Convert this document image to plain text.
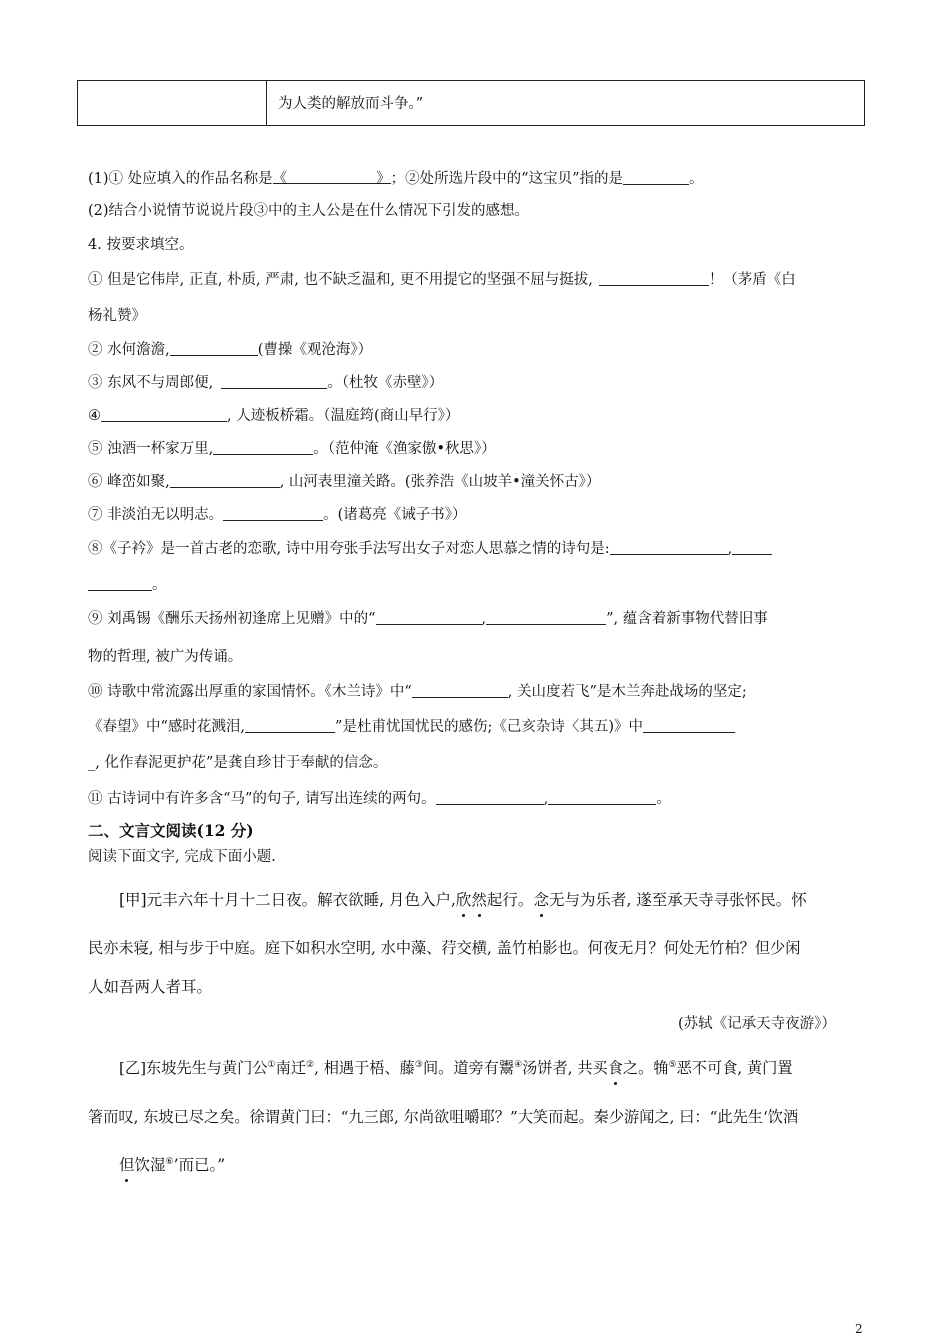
为人类的解放而斗争。”
(1)① 处应填入的作品名称是《	》 ；②处所选片段中的“这宝贝”指的是	。
(2)结合小说情节说说片段③中的主人公是在什么情况下引发的感想。
4. 按要求填空。
① 但是它伟岸, 正直, 朴质, 严肃, 也不缺乏温和, 更不用提它的坚强不屈与挺拔,	！（茅盾《白
杨礼赞》
② 水何澹澹,	(曹操《观沧海》）
③ 东风不与周郎便,	。（杜牧《赤壁》）
④	, 人迹板桥霜。（温庭筠(商山早行》）
⑤ 浊酒一杯家万里,	。（范仲淹《渔家傲•秋思》）
⑥ 峰峦如聚,	, 山河表里潼关路。(张养浩《山坡羊•潼关怀古》）
⑦ 非淡泊无以明志。	。(诸葛亮《诫子书》）
⑧《子衿》是一首古老的恋歌, 诗中用夸张手法写出女子对恋人思慕之情的诗句是:	,
。
⑨ 刘禹锡《酬乐天扬州初逢席上见赠》中的“	,	”, 蕴含着新事物代替旧事
物的哲理, 被广为传诵。
⑩ 诗歌中常流露出厚重的家国情怀。《木兰诗》中“	, 关山度若飞”是木兰奔赴战场的坚定;
《春望》中“感时花溅泪,	”是杜甫忧国忧民的感伤;《己亥杂诗〈其五)》中
_, 化作春泥更护花”是龚自珍甘于奉献的信念。
⑪ 古诗词中有许多含“马”的句子, 请写出连续的两句。	,	。
二、文言文阅读(12 分)
阅读下面文字, 完成下面小题.
[甲]元丰六年十月十二日夜。解衣欲睡, 月色入户,欣然起行。念无与为乐者, 遂至承天寺寻张怀民。怀
民亦未寝, 相与步于中庭。庭下如积水空明, 水中藻、荇交横, 盖竹柏影也。何夜无月？何处无竹柏？但少闲
人如吾两人者耳。
(苏轼《记承天寺夜游》）
[乙]东坡先生与黄门公①南迁②, 相遇于梧、藤③间。道旁有鬻④汤饼者, 共买食之。觕⑤恶不可食, 黄门置
箸而叹, 东坡已尽之矣。徐谓黄门曰：“九三郎, 尔尚欲咀嚼耶？”大笑而起。秦少游闻之, 曰：“此先生‘饮酒
但饮湿⑥’而已。”
2
